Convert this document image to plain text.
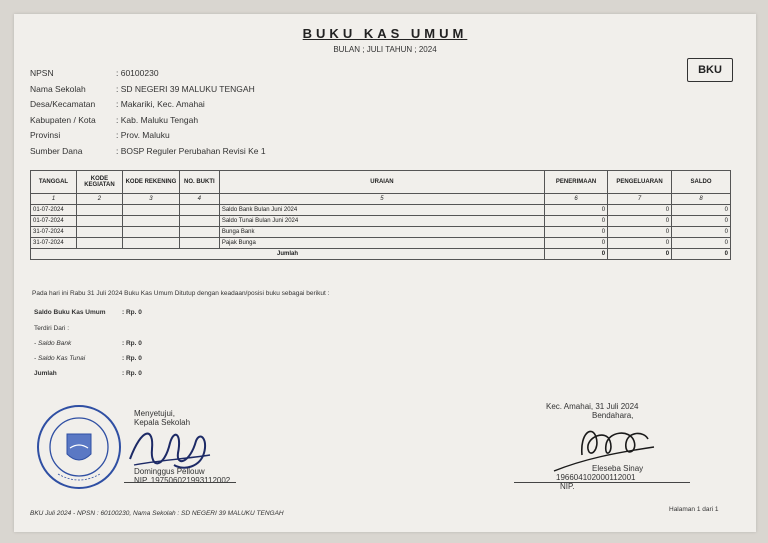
BUKU KAS UMUM
BULAN ; JULI TAHUN ; 2024
BKU
NPSN	: 60100230
Nama Sekolah	: SD NEGERI 39 MALUKU TENGAH
Desa/Kecamatan	: Makariki, Kec. Amahai
Kabupaten / Kota	: Kab. Maluku Tengah
Provinsi	: Prov. Maluku
Sumber Dana	: BOSP Reguler Perubahan Revisi Ke 1
TANGGAL	KODE KEGIATAN	KODE REKENING	NO. BUKTI	URAIAN	PENERIMAAN	PENGELUARAN	SALDO
1	2	3	4	5	6	7	8
01-07-2024				Saldo Bank Bulan Juni 2024	0	0	0
01-07-2024				Saldo Tunai Bulan Juni 2024	0	0	0
31-07-2024				Bunga Bank	0	0	0
31-07-2024				Pajak Bunga	0	0	0
Jumlah					0	0	0
Pada hari ini Rabu 31 Juli 2024 Buku Kas Umum Ditutup dengan keadaan/posisi buku sebagai berikut :
Saldo Buku Kas Umum	: Rp. 0
Terdiri Dari :
- Saldo Bank	: Rp. 0
- Saldo Kas Tunai	: Rp. 0
Jumlah	: Rp. 0
Menyetujui,
Kepala Sekolah
Dominggus Pellouw
NIP. 197506021993112002
Kec. Amahai, 31 Juli 2024
Bendahara,
Eleseba Sinay
196604102000112001
NIP.
BKU Juli 2024 - NPSN : 60100230, Nama Sekolah : SD NEGERI 39 MALUKU TENGAH
Halaman 1 dari 1
